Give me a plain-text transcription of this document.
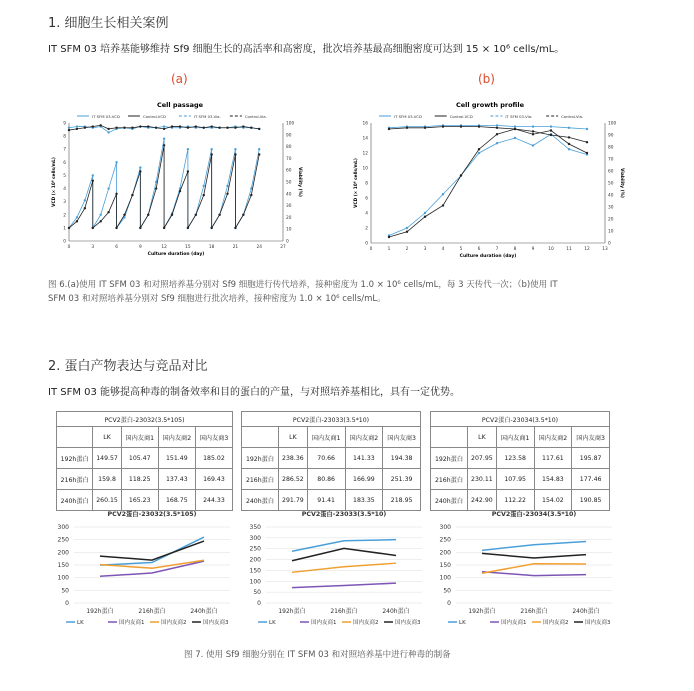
1. 细胞生长相关案例
IT SFM 03 培养基能够维持 Sf9 细胞生长的高活率和高密度，批次培养基最高细胞密度可达到 15 × 10⁶ cells/mL。
(a)	(b)
Cell passage
IT SFM 03-VCD	Control-VCD	IT SFM 03-Via.	Control-Via.
0
1
2
3
4
5
6
7
8
9
0
10
20
30
40
50
60
70
80
90
100
0	3	6	9	12	15	18	21	24	27
Culture duration (day)
VCD (× 10⁶ cells/mL)	Viability (%)
Cell growth profile
IT SFM 03-VCD	Control-VCD	IT SFM 03-Via.	Control-Via.
0
2
4
6
8
10
12
14
16
0
10
20
30
40
50
60
70
80
90
100
0	1	2	3	4	5	6	7	8	9	10	11	12	13
Culture duration (day)
VCD (× 10⁶ cells/mL)	Viability (%)
图 6.(a)使用 IT SFM 03 和对照培养基分别对 Sf9 细胞进行传代培养，接种密度为 1.0 × 10⁶ cells/mL，每 3 天传代一次；（b)使用 IT
SFM 03 和对照培养基分别对 Sf9 细胞进行批次培养，接种密度为 1.0 × 10⁶ cells/mL。
2. 蛋白产物表达与竞品对比
IT SFM 03 能够提高种毒的制备效率和目的蛋白的产量，与对照培养基相比，具有一定优势。
PCV2蛋白-23032(3.5*105)				
	LK	国内友商1	国内友商2	国内友商3
192h蛋白	149.57	105.47	151.49	185.02
216h蛋白	159.8	118.25	137.43	169.43
240h蛋白	260.15	165.23	168.75	244.33
PCV2蛋白-23033(3.5*10)				
	LK	国内友商1	国内友商2	国内友商3
192h蛋白	238.36	70.66	141.33	194.38
216h蛋白	286.52	80.86	166.99	251.39
240h蛋白	291.79	91.41	183.35	218.95
PCV2蛋白-23034(3.5*10)				
	LK	国内友商1	国内友商2	国内友商3
192h蛋白	207.95	123.58	117.61	195.87
216h蛋白	230.11	107.95	154.83	177.46
240h蛋白	242.90	112.22	154.02	190.85
PCV2蛋白-23032(3.5*105)
0
50
100
150
200
250
300
192h蛋白	216h蛋白	240h蛋白
LK	国内友商1	国内友商2	国内友商3
PCV2蛋白-23033(3.5*10)
0
50
100
150
200
250
300
350
192h蛋白	216h蛋白	240h蛋白
LK	国内友商1	国内友商2	国内友商3
PCV2蛋白-23034(3.5*10)
0
50
100
150
200
250
300
192h蛋白	216h蛋白	240h蛋白
LK	国内友商1	国内友商2	国内友商3
图 7. 使用 Sf9 细胞分别在 IT SFM 03 和对照培养基中进行种毒的制备
